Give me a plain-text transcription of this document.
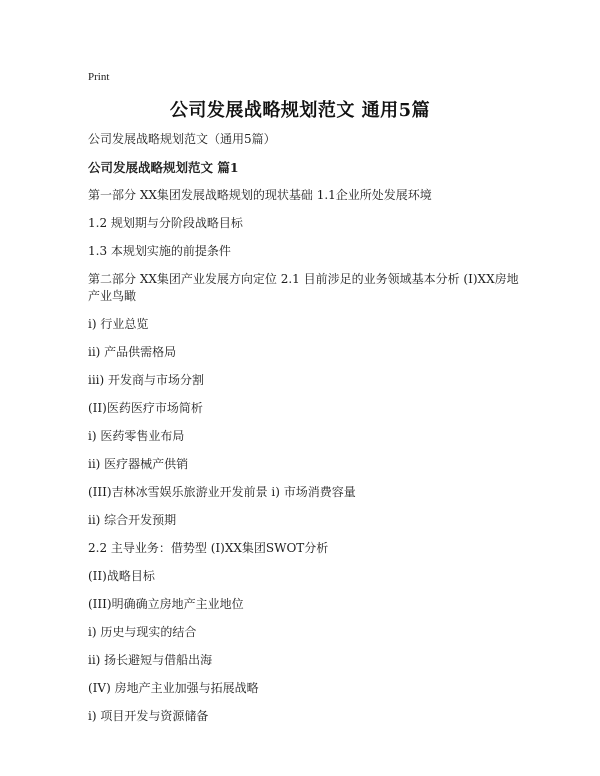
Print
公司发展战略规划范文 通用5篇
公司发展战略规划范文（通用5篇）
公司发展战略规划范文 篇1
第一部分 XX集团发展战略规划的现状基础 1.1企业所处发展环境
1.2 规划期与分阶段战略目标
1.3 本规划实施的前提条件
第二部分 XX集团产业发展方向定位 2.1 目前涉足的业务领域基本分析 (I)XX房地产业鸟瞰
i) 行业总览
ii) 产品供需格局
iii) 开发商与市场分割
(II)医药医疗市场简析
i) 医药零售业布局
ii) 医疗器械产供销
(III)吉林冰雪娱乐旅游业开发前景 i) 市场消费容量
ii) 综合开发预期
2.2 主导业务：借势型 (I)XX集团SWOT分析
(II)战略目标
(III)明确确立房地产主业地位
i) 历史与现实的结合
ii) 扬长避短与借船出海
(IV) 房地产主业加强与拓展战略
i) 项目开发与资源储备
